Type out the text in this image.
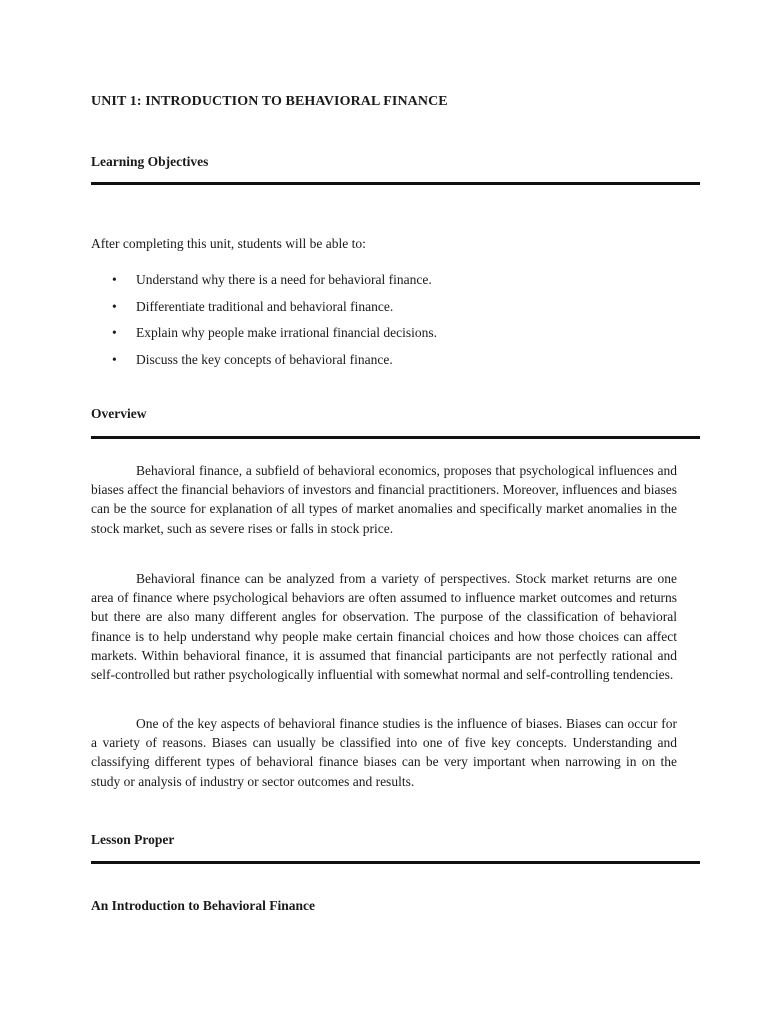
UNIT 1: INTRODUCTION TO BEHAVIORAL FINANCE
Learning Objectives
After completing this unit, students will be able to:
• Understand why there is a need for behavioral finance.
• Differentiate traditional and behavioral finance.
• Explain why people make irrational financial decisions.
• Discuss the key concepts of behavioral finance.
Overview

Behavioral finance, a subfield of behavioral economics, proposes that psychological influences and biases affect the financial behaviors of investors and financial practitioners. Moreover, influences and biases can be the source for explanation of all types of market anomalies and specifically market anomalies in the stock market, such as severe rises or falls in stock price.

Behavioral finance can be analyzed from a variety of perspectives. Stock market returns are one area of finance where psychological behaviors are often assumed to influence market outcomes and returns but there are also many different angles for observation. The purpose of the classification of behavioral finance is to help understand why people make certain financial choices and how those choices can affect markets. Within behavioral finance, it is assumed that financial participants are not perfectly rational and self-controlled but rather psychologically influential with somewhat normal and self-controlling tendencies.

One of the key aspects of behavioral finance studies is the influence of biases. Biases can occur for a variety of reasons. Biases can usually be classified into one of five key concepts. Understanding and classifying different types of behavioral finance biases can be very important when narrowing in on the study or analysis of industry or sector outcomes and results.

Lesson Proper
An Introduction to Behavioral Finance
